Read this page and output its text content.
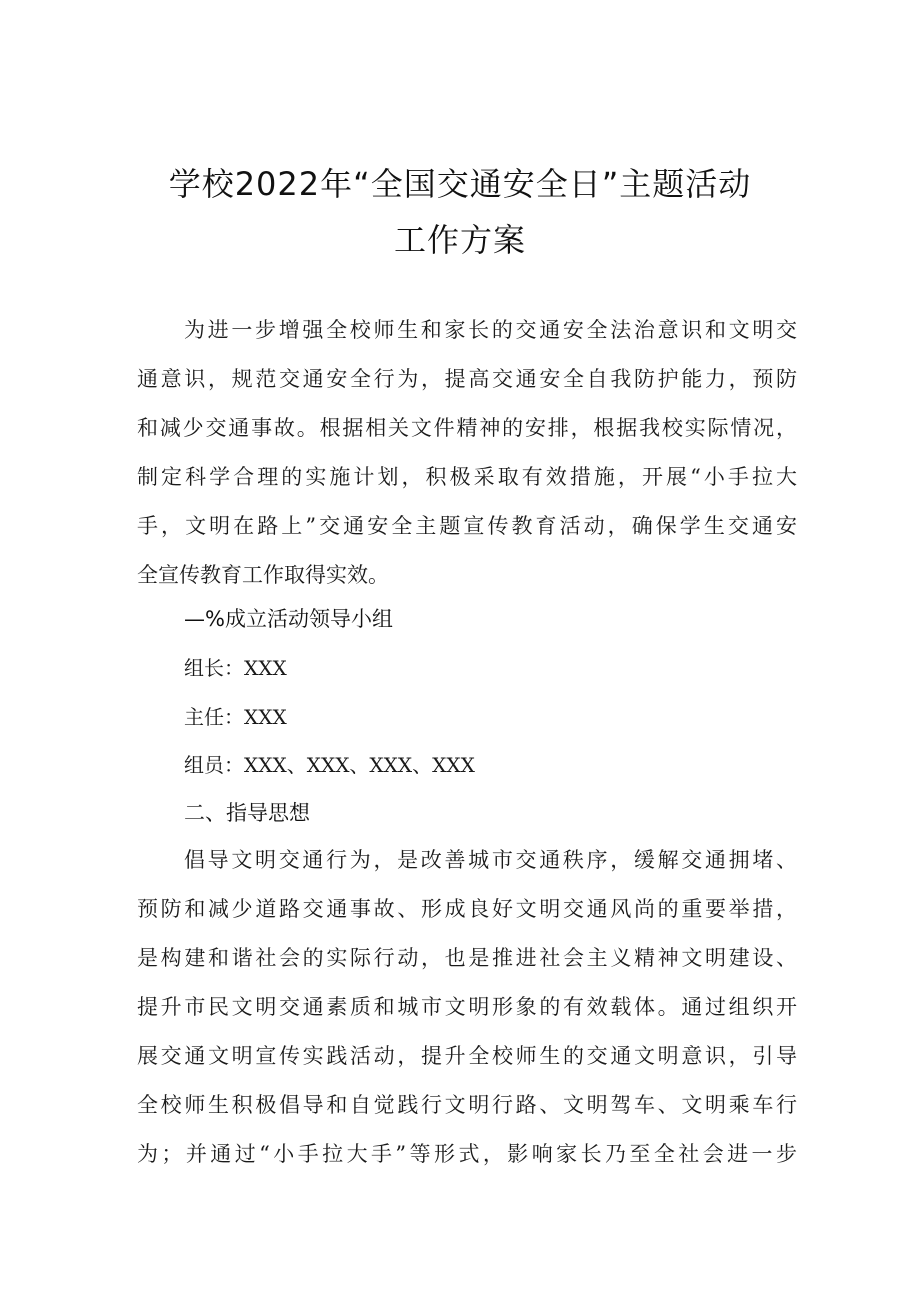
学校2022年“全国交通安全日”主题活动
工作方案
为进一步增强全校师生和家长的交通安全法治意识和文明交
通意识，规范交通安全行为，提高交通安全自我防护能力，预防
和减少交通事故。根据相关文件精神的安排，根据我校实际情况，
制定科学合理的实施计划，积极采取有效措施，开展“小手拉大
手，文明在路上”交通安全主题宣传教育活动，确保学生交通安
全宣传教育工作取得实效。
—%成立活动领导小组
组长：XXX
主任：XXX
组员：XXX、XXX、XXX、XXX
二、指导思想
倡导文明交通行为，是改善城市交通秩序，缓解交通拥堵、
预防和减少道路交通事故、形成良好文明交通风尚的重要举措，
是构建和谐社会的实际行动，也是推进社会主义精神文明建设、
提升市民文明交通素质和城市文明形象的有效载体。通过组织开
展交通文明宣传实践活动，提升全校师生的交通文明意识，引导
全校师生积极倡导和自觉践行文明行路、文明驾车、文明乘车行
为；并通过“小手拉大手”等形式，影响家长乃至全社会进一步
